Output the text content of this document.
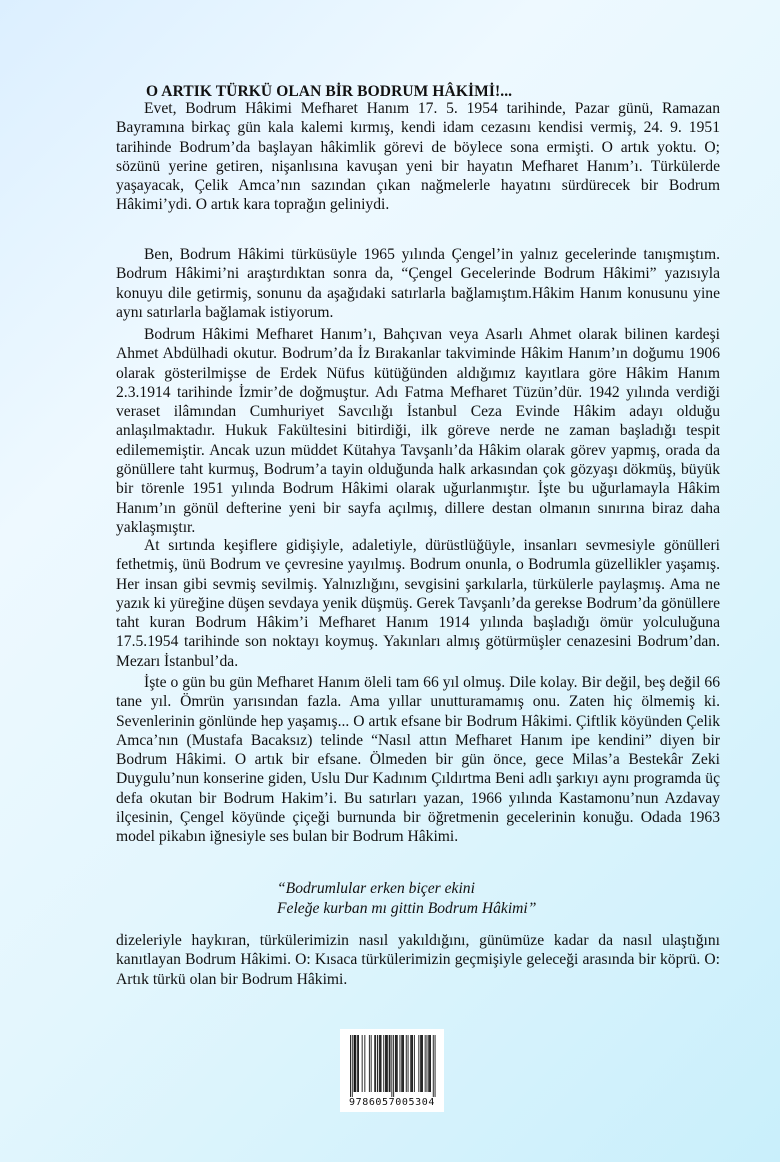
O ARTIK TÜRKÜ OLAN BİR BODRUM HÂKİMİ!...

Evet, Bodrum Hâkimi Mefharet Hanım 17. 5. 1954 tarihinde, Pazar günü, Ramazan Bayramına birkaç gün kala kalemi kırmış, kendi idam cezasını kendisi vermiş, 24. 9. 1951 tarihinde Bodrum’da başlayan hâkimlik görevi de böylece sona ermişti. O artık yoktu. O; sözünü yerine getiren, nişanlısına kavuşan yeni bir hayatın Mefharet Hanım’ı. Türkülerde yaşayacak, Çelik Amca’nın sazından çıkan nağmelerle hayatını sürdürecek bir Bodrum Hâkimi’ydi. O artık kara toprağın geliniydi.

Ben, Bodrum Hâkimi türküsüyle 1965 yılında Çengel’in yalnız gecelerinde tanışmıştım. Bodrum Hâkimi’ni araştırdıktan sonra da, “Çengel Gecelerinde Bodrum Hâkimi” yazısıyla konuyu dile getirmiş, sonunu da aşağıdaki satırlarla bağlamıştım.Hâkim Hanım konusunu yine aynı satırlarla bağlamak istiyorum.

Bodrum Hâkimi Mefharet Hanım’ı, Bahçıvan veya Asarlı Ahmet olarak bilinen kardeşi Ahmet Abdülhadi okutur. Bodrum’da İz Bırakanlar takviminde Hâkim Hanım’ın doğumu 1906 olarak gösterilmişse de Erdek Nüfus kütüğünden aldığımız kayıtlara göre Hâkim Hanım 2.3.1914 tarihinde İzmir’de doğmuştur. Adı Fatma Mefharet Tüzün’dür. 1942 yılında verdiği veraset ilâmından Cumhuriyet Savcılığı İstanbul Ceza Evinde Hâkim adayı olduğu anlaşılmaktadır. Hukuk Fakültesini bitirdiği, ilk göreve nerde ne zaman başladığı tespit edilememiştir. Ancak uzun müddet Kütahya Tavşanlı’da Hâkim olarak görev yapmış, orada da gönüllere taht kurmuş, Bodrum’a tayin olduğunda halk arkasından çok gözyaşı dökmüş, büyük bir törenle 1951 yılında Bodrum Hâkimi olarak uğurlanmıştır. İşte bu uğurlamayla Hâkim Hanım’ın gönül defterine yeni bir sayfa açılmış, dillere destan olmanın sınırına biraz daha yaklaşmıştır.

At sırtında keşiflere gidişiyle, adaletiyle, dürüstlüğüyle, insanları sevmesiyle gönülleri fethetmiş, ünü Bodrum ve çevresine yayılmış. Bodrum onunla, o Bodrumla güzellikler yaşamış. Her insan gibi sevmiş sevilmiş. Yalnızlığını, sevgisini şarkılarla, türkülerle paylaşmış. Ama ne yazık ki yüreğine düşen sevdaya yenik düşmüş. Gerek Tavşanlı’da gerekse Bodrum’da gönüllere taht kuran Bodrum Hâkim’i Mefharet Hanım 1914 yılında başladığı ömür yolculuğuna 17.5.1954 tarihinde son noktayı koymuş. Yakınları almış götürmüşler cenazesini Bodrum’dan. Mezarı İstanbul’da.

İşte o gün bu gün Mefharet Hanım öleli tam 66 yıl olmuş. Dile kolay. Bir değil, beş değil 66 tane yıl. Ömrün yarısından fazla. Ama yıllar unutturamamış onu. Zaten hiç ölmemiş ki. Sevenlerinin gönlünde hep yaşamış... O artık efsane bir Bodrum Hâkimi. Çiftlik köyünden Çelik Amca’nın (Mustafa Bacaksız) telinde “Nasıl attın Mefharet Hanım ipe kendini” diyen bir Bodrum Hâkimi. O artık bir efsane. Ölmeden bir gün önce, gece Milas’a Bestekâr Zeki Duygulu’nun konserine giden, Uslu Dur Kadınım Çıldırtma Beni adlı şarkıyı aynı programda üç defa okutan bir Bodrum Hakim’i. Bu satırları yazan, 1966 yılında Kastamonu’nun Azdavay ilçesinin, Çengel köyünde çiçeği burnunda bir öğretmenin gecelerinin konuğu. Odada 1963 model pikabın iğnesiyle ses bulan bir Bodrum Hâkimi.

“Bodrumlular erken biçer ekini
Feleğe kurban mı gittin Bodrum Hâkimi”

dizeleriyle haykıran, türkülerimizin nasıl yakıldığını, günümüze kadar da nasıl ulaştığını kanıtlayan Bodrum Hâkimi. O: Kısaca türkülerimizin geçmişiyle geleceği arasında bir köprü. O: Artık türkü olan bir Bodrum Hâkimi.

9786057005304
